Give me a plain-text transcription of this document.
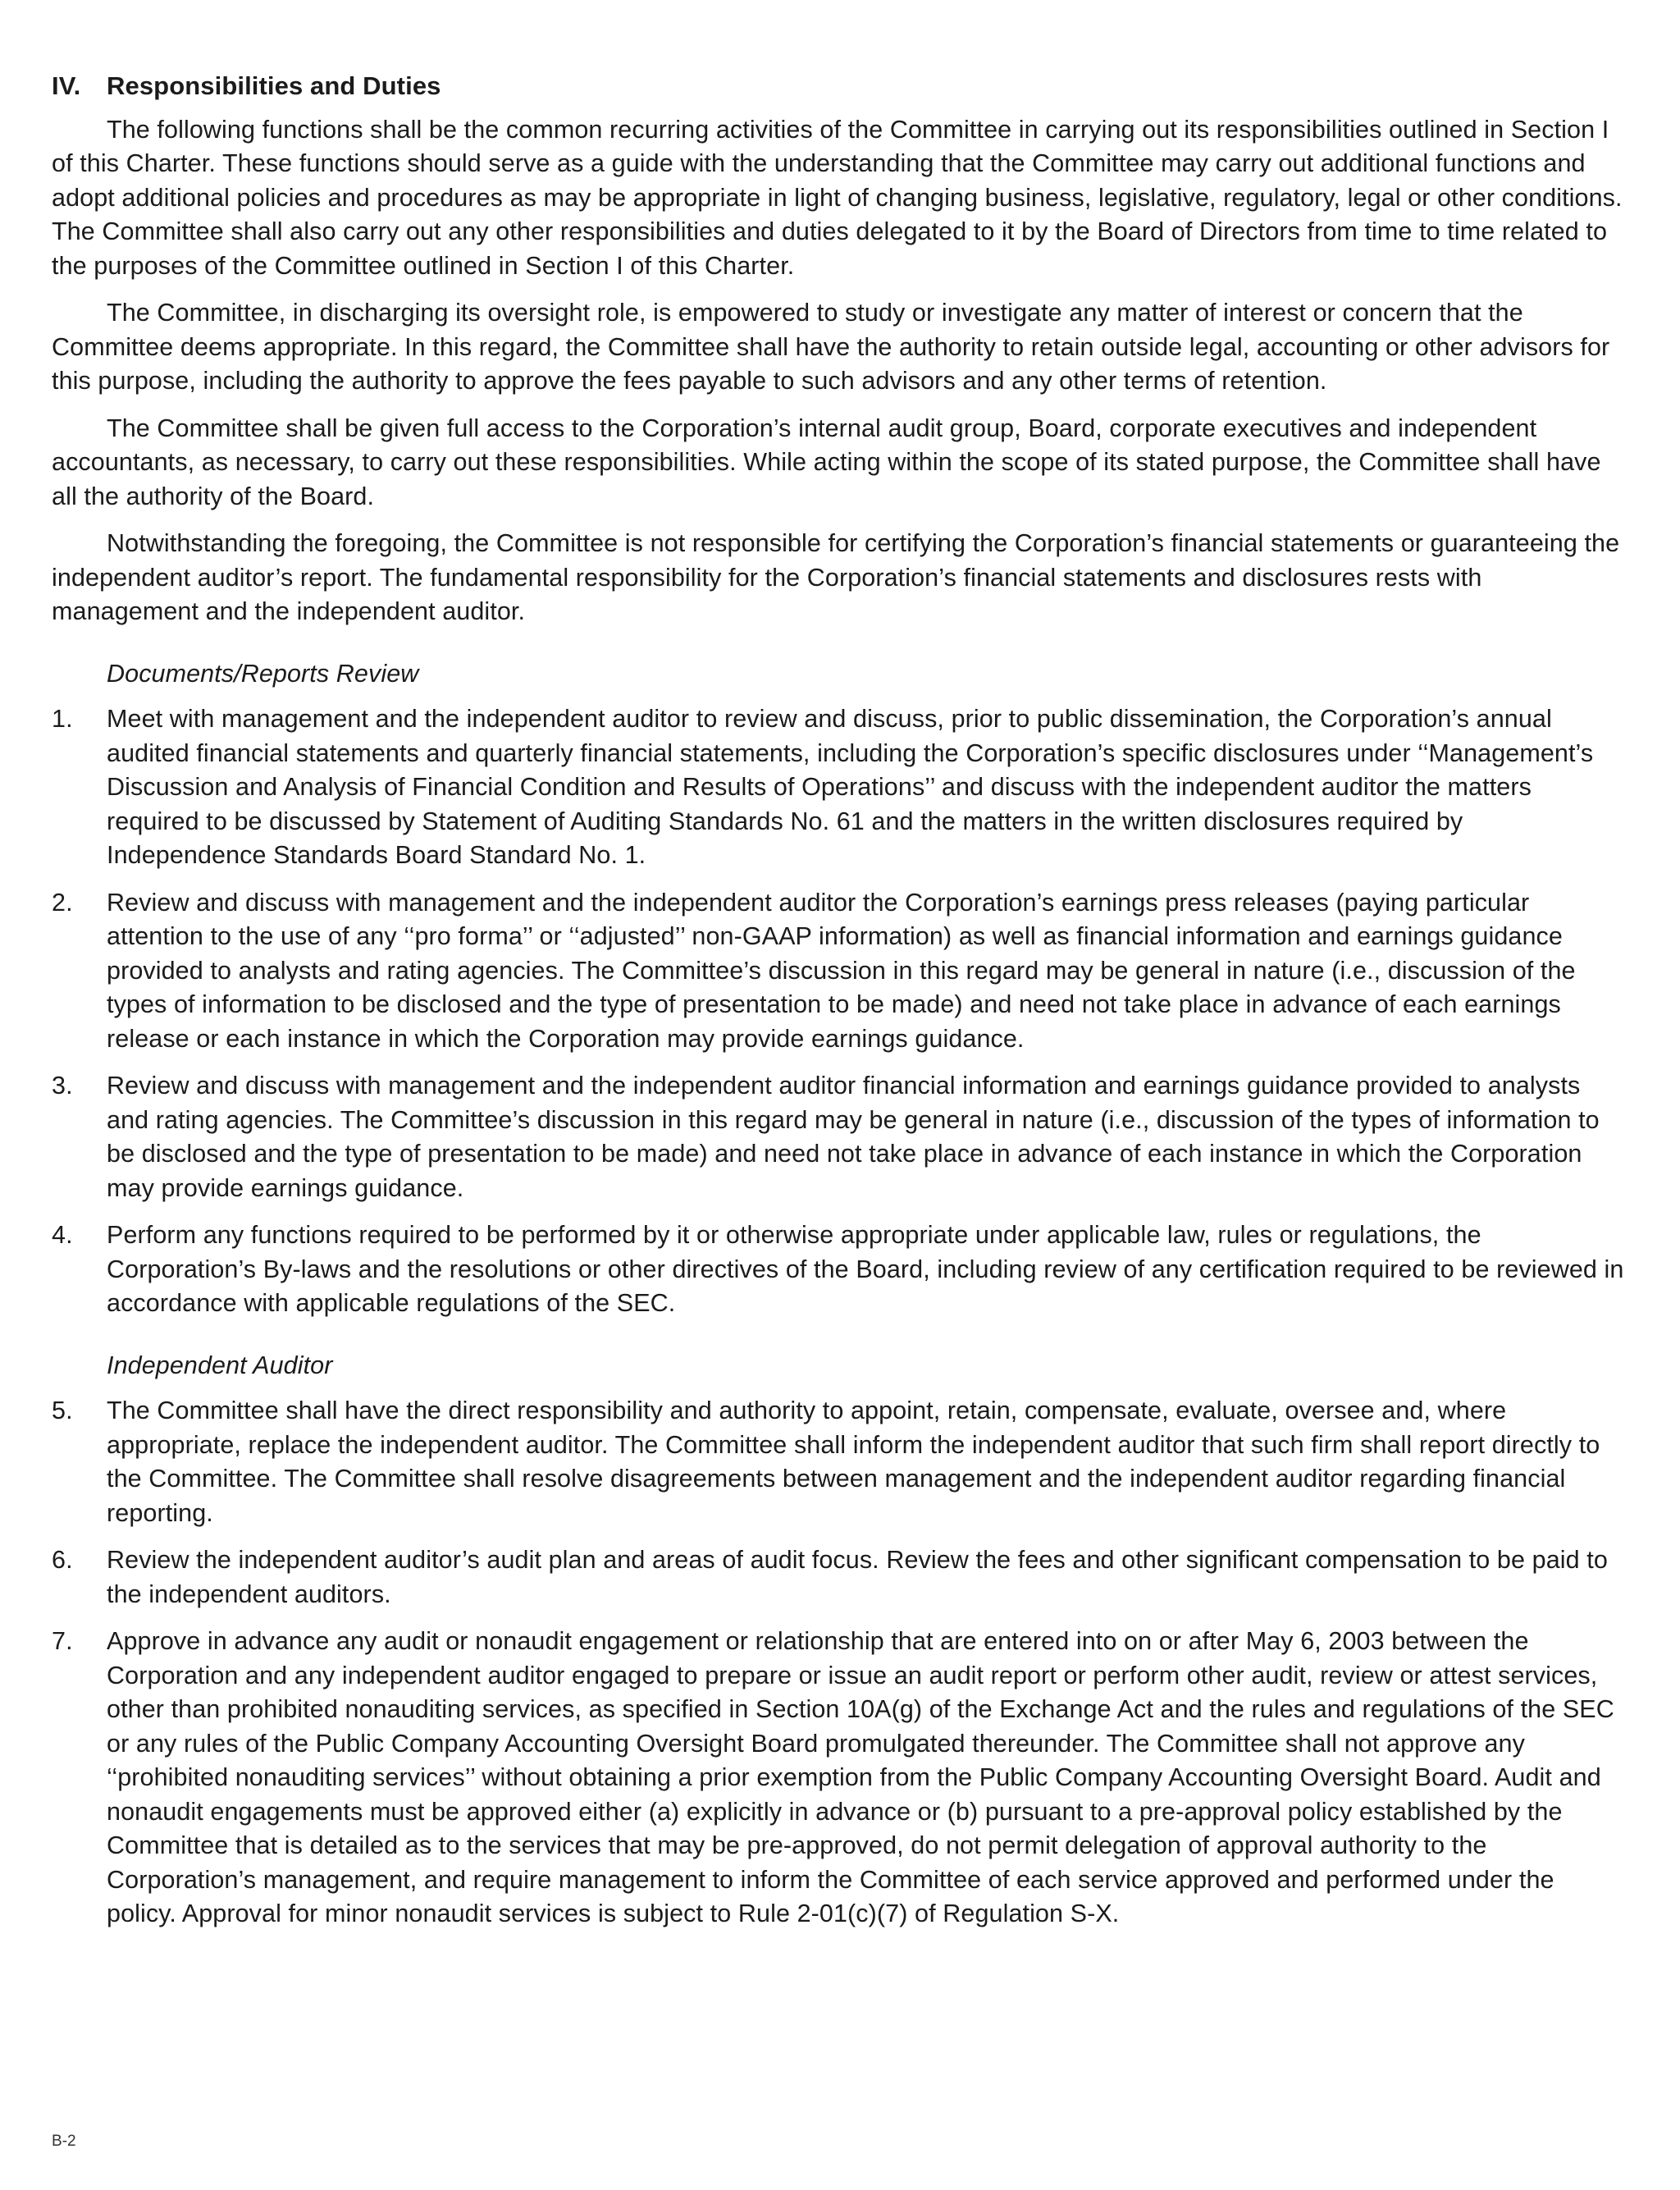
IV.	Responsibilities and Duties

The following functions shall be the common recurring activities of the Committee in carrying out its responsibilities outlined in Section I of this Charter. These functions should serve as a guide with the understanding that the Committee may carry out additional functions and adopt additional policies and procedures as may be appropriate in light of changing business, legislative, regulatory, legal or other conditions. The Committee shall also carry out any other responsibilities and duties delegated to it by the Board of Directors from time to time related to the purposes of the Committee outlined in Section I of this Charter.

The Committee, in discharging its oversight role, is empowered to study or investigate any matter of interest or concern that the Committee deems appropriate. In this regard, the Committee shall have the authority to retain outside legal, accounting or other advisors for this purpose, including the authority to approve the fees payable to such advisors and any other terms of retention.

The Committee shall be given full access to the Corporation’s internal audit group, Board, corporate executives and independent accountants, as necessary, to carry out these responsibilities. While acting within the scope of its stated purpose, the Committee shall have all the authority of the Board.

Notwithstanding the foregoing, the Committee is not responsible for certifying the Corporation’s financial statements or guaranteeing the independent auditor’s report. The fundamental responsibility for the Corporation’s financial statements and disclosures rests with management and the independent auditor.

Documents/Reports Review
1.	Meet with management and the independent auditor to review and discuss, prior to public dissemination, the Corporation’s annual audited financial statements and quarterly financial statements, including the Corporation’s specific disclosures under ‘‘Management’s Discussion and Analysis of Financial Condition and Results of Operations’’ and discuss with the independent auditor the matters required to be discussed by Statement of Auditing Standards No. 61 and the matters in the written disclosures required by Independence Standards Board Standard No. 1.
2.	Review and discuss with management and the independent auditor the Corporation’s earnings press releases (paying particular attention to the use of any ‘‘pro forma’’ or ‘‘adjusted’’ non-GAAP information) as well as financial information and earnings guidance provided to analysts and rating agencies. The Committee’s discussion in this regard may be general in nature (i.e., discussion of the types of information to be disclosed and the type of presentation to be made) and need not take place in advance of each earnings release or each instance in which the Corporation may provide earnings guidance.
3.	Review and discuss with management and the independent auditor financial information and earnings guidance provided to analysts and rating agencies. The Committee’s discussion in this regard may be general in nature (i.e., discussion of the types of information to be disclosed and the type of presentation to be made) and need not take place in advance of each instance in which the Corporation may provide earnings guidance.
4.	Perform any functions required to be performed by it or otherwise appropriate under applicable law, rules or regulations, the Corporation’s By-laws and the resolutions or other directives of the Board, including review of any certification required to be reviewed in accordance with applicable regulations of the SEC.
Independent Auditor
5.	The Committee shall have the direct responsibility and authority to appoint, retain, compensate, evaluate, oversee and, where appropriate, replace the independent auditor. The Committee shall inform the independent auditor that such firm shall report directly to the Committee. The Committee shall resolve disagreements between management and the independent auditor regarding financial reporting.
6.	Review the independent auditor’s audit plan and areas of audit focus. Review the fees and other significant compensation to be paid to the independent auditors.
7.	Approve in advance any audit or nonaudit engagement or relationship that are entered into on or after May 6, 2003 between the Corporation and any independent auditor engaged to prepare or issue an audit report or perform other audit, review or attest services, other than prohibited nonauditing services, as specified in Section 10A(g) of the Exchange Act and the rules and regulations of the SEC or any rules of the Public Company Accounting Oversight Board promulgated thereunder. The Committee shall not approve any ‘‘prohibited nonauditing services’’ without obtaining a prior exemption from the Public Company Accounting Oversight Board. Audit and nonaudit engagements must be approved either (a) explicitly in advance or (b) pursuant to a pre-approval policy established by the Committee that is detailed as to the services that may be pre-approved, do not permit delegation of approval authority to the Corporation’s management, and require management to inform the Committee of each service approved and performed under the policy. Approval for minor nonaudit services is subject to Rule 2-01(c)(7) of Regulation S-X.
B-2
